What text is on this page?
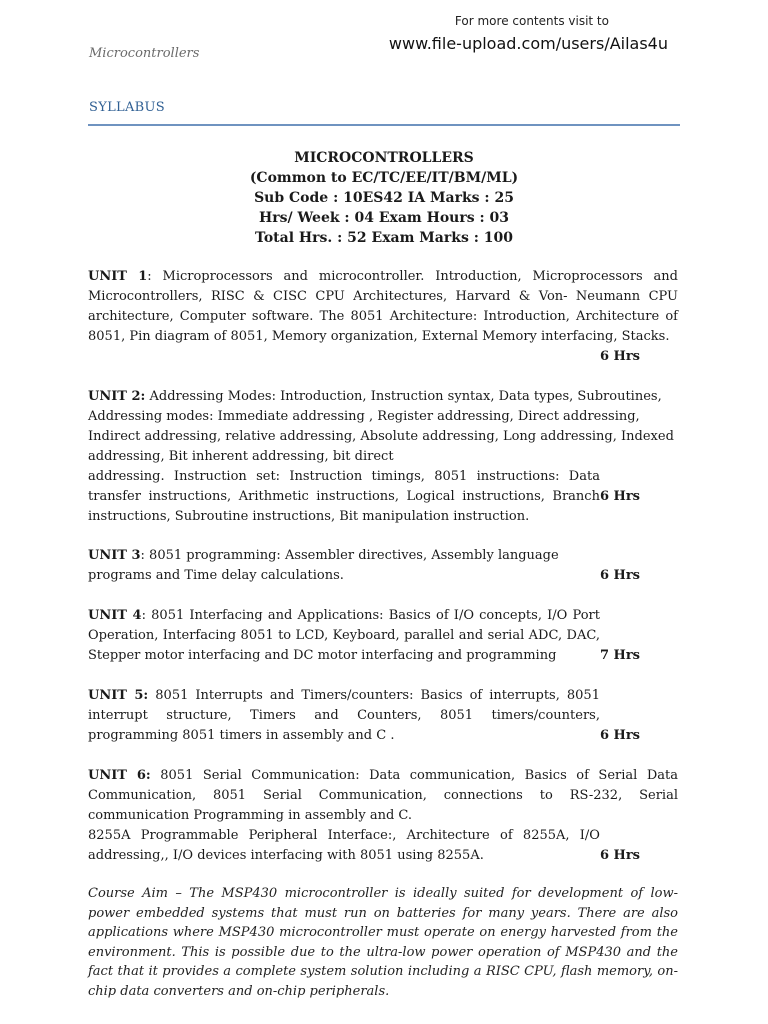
For more contents visit to
www.file-upload.com/users/Ailas4u
Microcontrollers
SYLLABUS
MICROCONTROLLERS
(Common to EC/TC/EE/IT/BM/ML)
Sub Code : 10ES42 IA Marks : 25
Hrs/ Week : 04 Exam Hours : 03
Total Hrs. : 52 Exam Marks : 100
UNIT 1: Microprocessors and microcontroller. Introduction, Microprocessors and Microcontrollers, RISC & CISC CPU Architectures, Harvard & Von- Neumann CPU architecture, Computer software. The 8051 Architecture: Introduction, Architecture of 8051, Pin diagram of 8051, Memory organization, External Memory interfacing, Stacks.
6 Hrs
UNIT 2: Addressing Modes: Introduction, Instruction syntax, Data types, Subroutines, Addressing modes: Immediate addressing , Register addressing, Direct addressing, Indirect addressing, relative addressing, Absolute addressing, Long addressing, Indexed addressing, Bit inherent addressing, bit direct
6 Hrs
addressing. Instruction set: Instruction timings, 8051 instructions: Data transfer instructions, Arithmetic instructions, Logical instructions, Branch instructions, Subroutine instructions, Bit manipulation instruction.
6 Hrs
UNIT 3: 8051 programming: Assembler directives, Assembly language programs and Time delay calculations.
7 Hrs
UNIT 4: 8051 Interfacing and Applications: Basics of I/O concepts, I/O Port Operation, Interfacing 8051 to LCD, Keyboard, parallel and serial ADC, DAC, Stepper motor interfacing and DC motor interfacing and programming
6 Hrs
UNIT 5: 8051 Interrupts and Timers/counters: Basics of interrupts, 8051 interrupt structure, Timers and Counters, 8051 timers/counters, programming 8051 timers in assembly and C .
UNIT 6: 8051 Serial Communication: Data communication, Basics of Serial Data Communication, 8051 Serial Communication, connections to RS-232, Serial communication Programming in assembly and C.
6 Hrs
8255A Programmable Peripheral Interface:, Architecture of 8255A, I/O addressing,, I/O devices interfacing with 8051 using 8255A.
Course Aim – The MSP430 microcontroller is ideally suited for development of low-power embedded systems that must run on batteries for many years. There are also applications where MSP430 microcontroller must operate on energy harvested from the environment. This is possible due to the ultra-low power operation of MSP430 and the fact that it provides a complete system solution including a RISC CPU, flash memory, on-chip data converters and on-chip peripherals.
